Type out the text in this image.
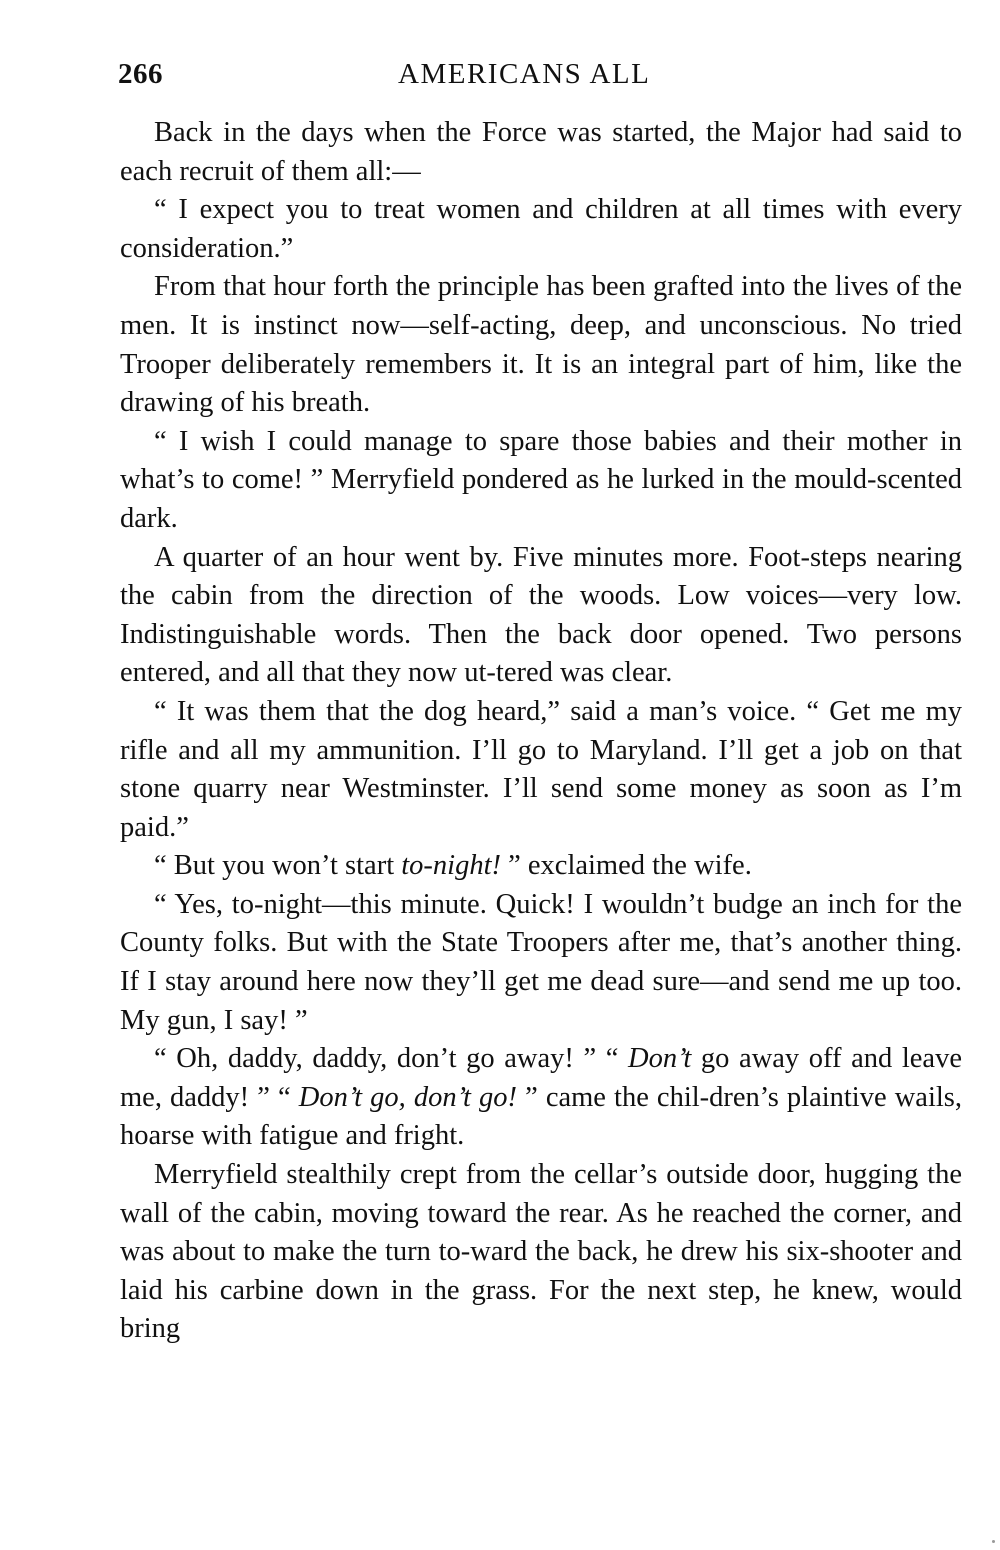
266	AMERICANS ALL

Back in the days when the Force was started, the Major had said to each recruit of them all:—

“ I expect you to treat women and children at all times with every consideration.”

From that hour forth the principle has been grafted into the lives of the men. It is instinct now—self-acting, deep, and unconscious. No tried Trooper deliberately remembers it. It is an integral part of him, like the drawing of his breath.

“ I wish I could manage to spare those babies and their mother in what’s to come! ” Merryfield pondered as he lurked in the mould-scented dark.

A quarter of an hour went by. Five minutes more. Foot-steps nearing the cabin from the direction of the woods. Low voices—very low. Indistinguishable words. Then the back door opened. Two persons entered, and all that they now ut-tered was clear.

“ It was them that the dog heard,” said a man’s voice. “ Get me my rifle and all my ammunition. I’ll go to Maryland. I’ll get a job on that stone quarry near Westminster. I’ll send some money as soon as I’m paid.”

“ But you won’t start to-night! ” exclaimed the wife.

“ Yes, to-night—this minute. Quick! I wouldn’t budge an inch for the County folks. But with the State Troopers after me, that’s another thing. If I stay around here now they’ll get me dead sure—and send me up too. My gun, I say! ”

“ Oh, daddy, daddy, don’t go away! ” “ Don’t go away off and leave me, daddy! ” “ Don’t go, don’t go! ” came the chil-dren’s plaintive wails, hoarse with fatigue and fright.

Merryfield stealthily crept from the cellar’s outside door, hugging the wall of the cabin, moving toward the rear. As he reached the corner, and was about to make the turn to-ward the back, he drew his six-shooter and laid his carbine down in the grass. For the next step, he knew, would bring
